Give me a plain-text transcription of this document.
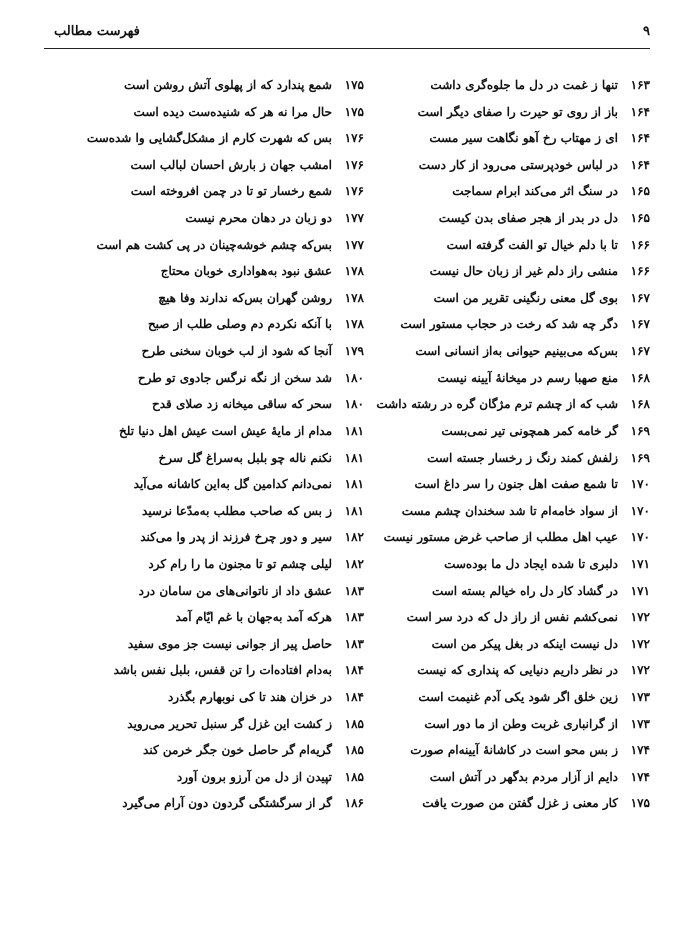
۹
فهرست مطالب
۱۶۳
تنها ز غمت در دل ما جلوه‌گری داشت
۱۶۴
باز از روی تو حیرت را صفای دیگر است
۱۶۴
ای ز مهتاب رخ آهو نگاهت سیر مست
۱۶۴
در لباس خودپرستی می‌رود از کار دست
۱۶۵
در سنگ اثر می‌کند ابرام سماجت
۱۶۵
دل در بدر از هجر صفای بدن کیست
۱۶۶
تا با دلم خیال تو الفت گرفته است
۱۶۶
منشی راز دلم غیر از زبان حال نیست
۱۶۷
بوی گل معنی رنگینی تقریر من است
۱۶۷
دگر چه شد که رخت در حجاب مستور است
۱۶۷
بس‌که می‌بینیم حیوانی به‌از انسانی است
۱۶۸
منع صهبا رسم در میخانهٔ آیینه نیست
۱۶۸
شب که از چشم ترم مژگان گره در رشته داشت
۱۶۹
گر خامه کمر همچونی تیر نمی‌بست
۱۶۹
زلفش کمند رنگ ز رخسار جسته است
۱۷۰
تا شمع صفت اهل جنون را سر داغ است
۱۷۰
از سواد خامه‌ام تا شد سخندان چشم مست
۱۷۰
عیب اهل مطلب از صاحب غرض مستور نیست
۱۷۱
دلبری تا شده ایجاد دل ما بوده‌ست
۱۷۱
در گشاد کار دل راه خیالم بسته است
۱۷۲
نمی‌کشم نفس از راز دل که درد سر است
۱۷۲
دل نیست اینکه در بغل پیکر من است
۱۷۲
در نظر داریم دنیایی که پنداری که نیست
۱۷۳
زین خلق اگر شود یکی آدم غنیمت است
۱۷۳
از گرانباری غربت وطن از ما دور است
۱۷۴
ز بس محو است در کاشانهٔ آیینه‌ام صورت
۱۷۴
دایم از آزار مردم بدگهر در آتش است
۱۷۵
کار معنی ز غزل گفتن من صورت یافت
۱۷۵
شمع پندارد که از پهلوی آتش روشن است
۱۷۵
حال مرا نه هر که شنیده‌ست دیده است
۱۷۶
بس که شهرت کارم از مشکل‌گشایی وا شده‌ست
۱۷۶
امشب جهان ز بارش احسان لبالب است
۱۷۶
شمع رخسار تو تا در چمن افروخته است
۱۷۷
دو زبان در دهان محرم نیست
۱۷۷
بس‌که چشم خوشه‌چینان در پی کشت هم است
۱۷۸
عشق نبود به‌هواداری خوبان محتاج
۱۷۸
روشن گهران بس‌که ندارند وفا هیچ
۱۷۸
با آنکه نکردم دم وصلی طلب از صبح
۱۷۹
آنجا که شود از لب خوبان سخنی طرح
۱۸۰
شد سخن از نگه نرگس جادوی تو طرح
۱۸۰
سحر که ساقی میخانه زد صلای قدح
۱۸۱
مدام از مایهٔ عیش است عیش اهل دنیا تلخ
۱۸۱
نکنم ناله چو بلبل به‌سراغ گل سرخ
۱۸۱
نمی‌دانم کدامین گل به‌این کاشانه می‌آید
۱۸۱
ز بس که صاحب مطلب به‌مدّعا نرسید
۱۸۲
سیر و دور چرخ فرزند از پدر وا می‌کند
۱۸۲
لیلی چشم تو تا مجنون ما را رام کرد
۱۸۳
عشق داد از ناتوانی‌های من سامان درد
۱۸۳
هرکه آمد به‌جهان با غم ایّام آمد
۱۸۳
حاصل پیر از جوانی نیست جز موی سفید
۱۸۴
به‌دام افتاده‌ات را تن قفس، بلبل نفس باشد
۱۸۴
در خزان هند تا کی نوبهارم بگذرد
۱۸۵
ز کشت این غزل گر سنبل تحریر می‌روید
۱۸۵
گریه‌ام گر حاصل خون جگر خرمن کند
۱۸۵
تپیدن از دل من آرزو برون آورد
۱۸۶
گر از سرگشتگی گردون دون آرام می‌گیرد
